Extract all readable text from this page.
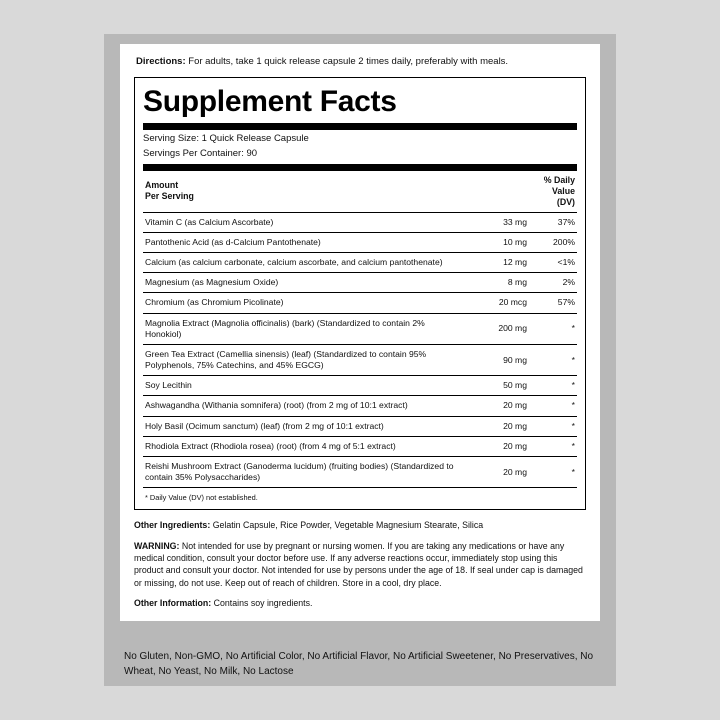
Directions: For adults, take 1 quick release capsule 2 times daily, preferably with meals.
Supplement Facts
Serving Size: 1 Quick Release Capsule
Servings Per Container: 90
Amount
Per Serving		% Daily
Value
(DV)
Vitamin C (as Calcium Ascorbate)	33 mg	37%
Pantothenic Acid (as d-Calcium Pantothenate)	10 mg	200%
Calcium (as calcium carbonate, calcium ascorbate, and calcium pantothenate)	12 mg	<1%
Magnesium (as Magnesium Oxide)	8 mg	2%
Chromium (as Chromium Picolinate)	20 mcg	57%
Magnolia Extract (Magnolia officinalis) (bark) (Standardized to contain 2% Honokiol)	200 mg	*
Green Tea Extract (Camellia sinensis) (leaf) (Standardized to contain 95% Polyphenols, 75% Catechins, and 45% EGCG)	90 mg	*
Soy Lecithin	50 mg	*
Ashwagandha (Withania somnifera) (root) (from 2 mg of 10:1 extract)	20 mg	*
Holy Basil (Ocimum sanctum) (leaf) (from 2 mg of 10:1 extract)	20 mg	*
Rhodiola Extract (Rhodiola rosea) (root) (from 4 mg of 5:1 extract)	20 mg	*
Reishi Mushroom Extract (Ganoderma lucidum) (fruiting bodies) (Standardized to contain 35% Polysaccharides)	20 mg	*
* Daily Value (DV) not established.
Other Ingredients: Gelatin Capsule, Rice Powder, Vegetable Magnesium Stearate, Silica
WARNING: Not intended for use by pregnant or nursing women. If you are taking any medications or have any medical condition, consult your doctor before use. If any adverse reactions occur, immediately stop using this product and consult your doctor. Not intended for use by persons under the age of 18. If seal under cap is damaged or missing, do not use. Keep out of reach of children. Store in a cool, dry place.
Other Information: Contains soy ingredients.
No Gluten, Non-GMO, No Artificial Color, No Artificial Flavor, No Artificial Sweetener, No Preservatives, No Wheat, No Yeast, No Milk, No Lactose
